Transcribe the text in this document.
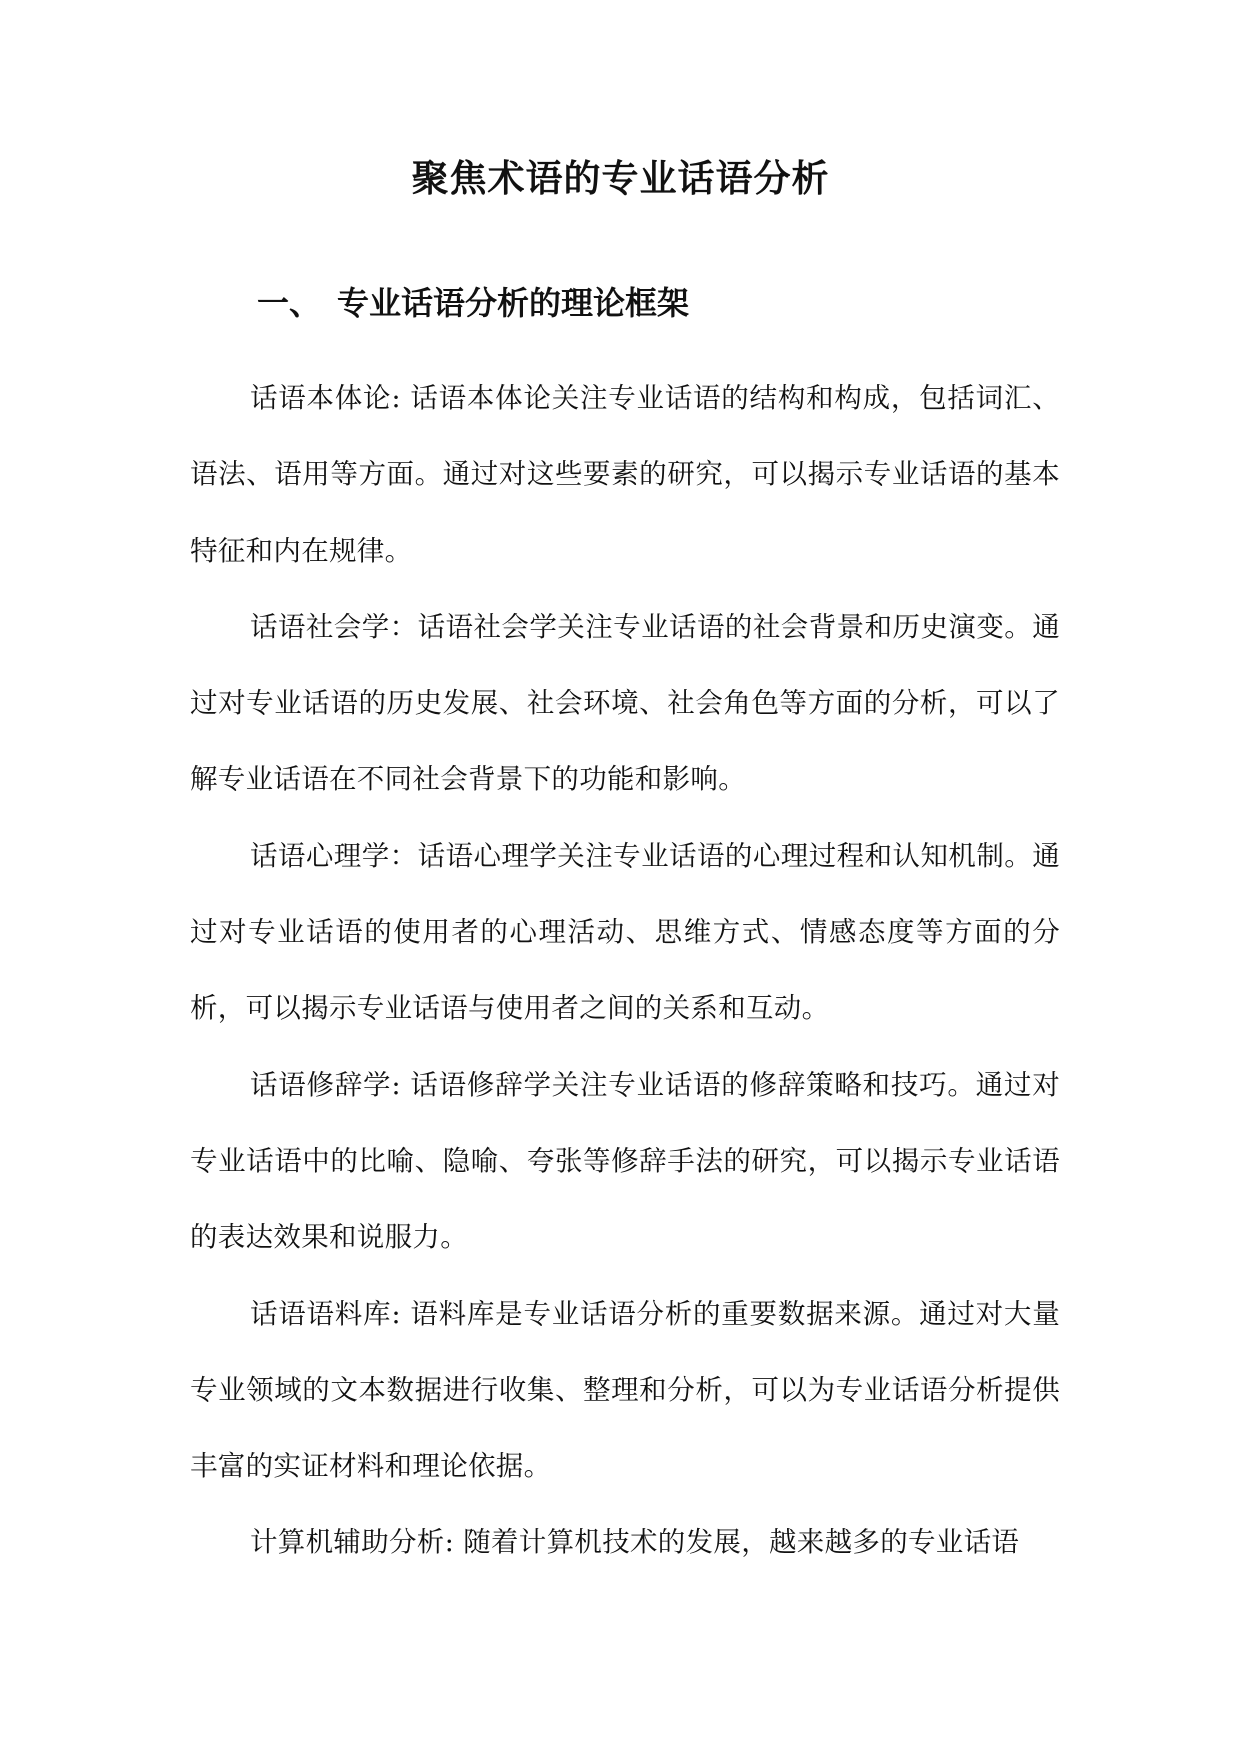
聚焦术语的专业话语分析
一、 专业话语分析的理论框架

话语本体论: 话语本体论关注专业话语的结构和构成，包括词汇、语法、语用等方面。通过对这些要素的研究，可以揭示专业话语的基本特征和内在规律。

话语社会学：话语社会学关注专业话语的社会背景和历史演变。通过对专业话语的历史发展、社会环境、社会角色等方面的分析，可以了解专业话语在不同社会背景下的功能和影响。

话语心理学：话语心理学关注专业话语的心理过程和认知机制。通过对专业话语的使用者的心理活动、思维方式、情感态度等方面的分析，可以揭示专业话语与使用者之间的关系和互动。

话语修辞学: 话语修辞学关注专业话语的修辞策略和技巧。通过对专业话语中的比喻、隐喻、夸张等修辞手法的研究，可以揭示专业话语的表达效果和说服力。

话语语料库: 语料库是专业话语分析的重要数据来源。通过对大量专业领域的文本数据进行收集、整理和分析，可以为专业话语分析提供丰富的实证材料和理论依据。

计算机辅助分析: 随着计算机技术的发展，越来越多的专业话语
